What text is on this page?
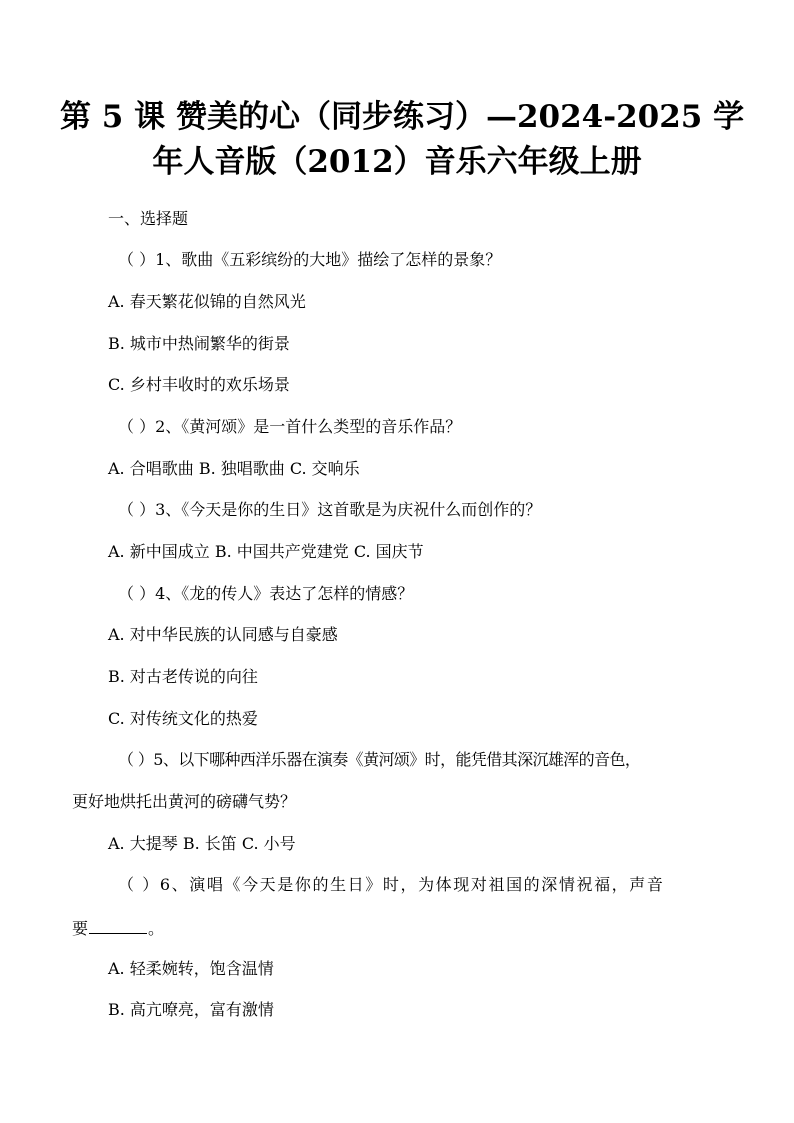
第 5 课 赞美的心（同步练习）—2024-2025 学
年人音版（2012）音乐六年级上册
一、选择题
（ ）1、歌曲《五彩缤纷的大地》描绘了怎样的景象？
A. 春天繁花似锦的自然风光
B. 城市中热闹繁华的街景
C. 乡村丰收时的欢乐场景
（ ）2、《黄河颂》是一首什么类型的音乐作品？
A. 合唱歌曲 B. 独唱歌曲 C. 交响乐
（ ）3、《今天是你的生日》这首歌是为庆祝什么而创作的？
A. 新中国成立 B. 中国共产党建党 C. 国庆节
（ ）4、《龙的传人》表达了怎样的情感？
A. 对中华民族的认同感与自豪感
B. 对古老传说的向往
C. 对传统文化的热爱
（ ）5、以下哪种西洋乐器在演奏《黄河颂》时，能凭借其深沉雄浑的音色，
更好地烘托出黄河的磅礴气势？
A. 大提琴 B. 长笛 C. 小号
（ ）6、演唱《今天是你的生日》时，为体现对祖国的深情祝福，声音
要	。
A. 轻柔婉转，饱含温情
B. 高亢嘹亮，富有激情
